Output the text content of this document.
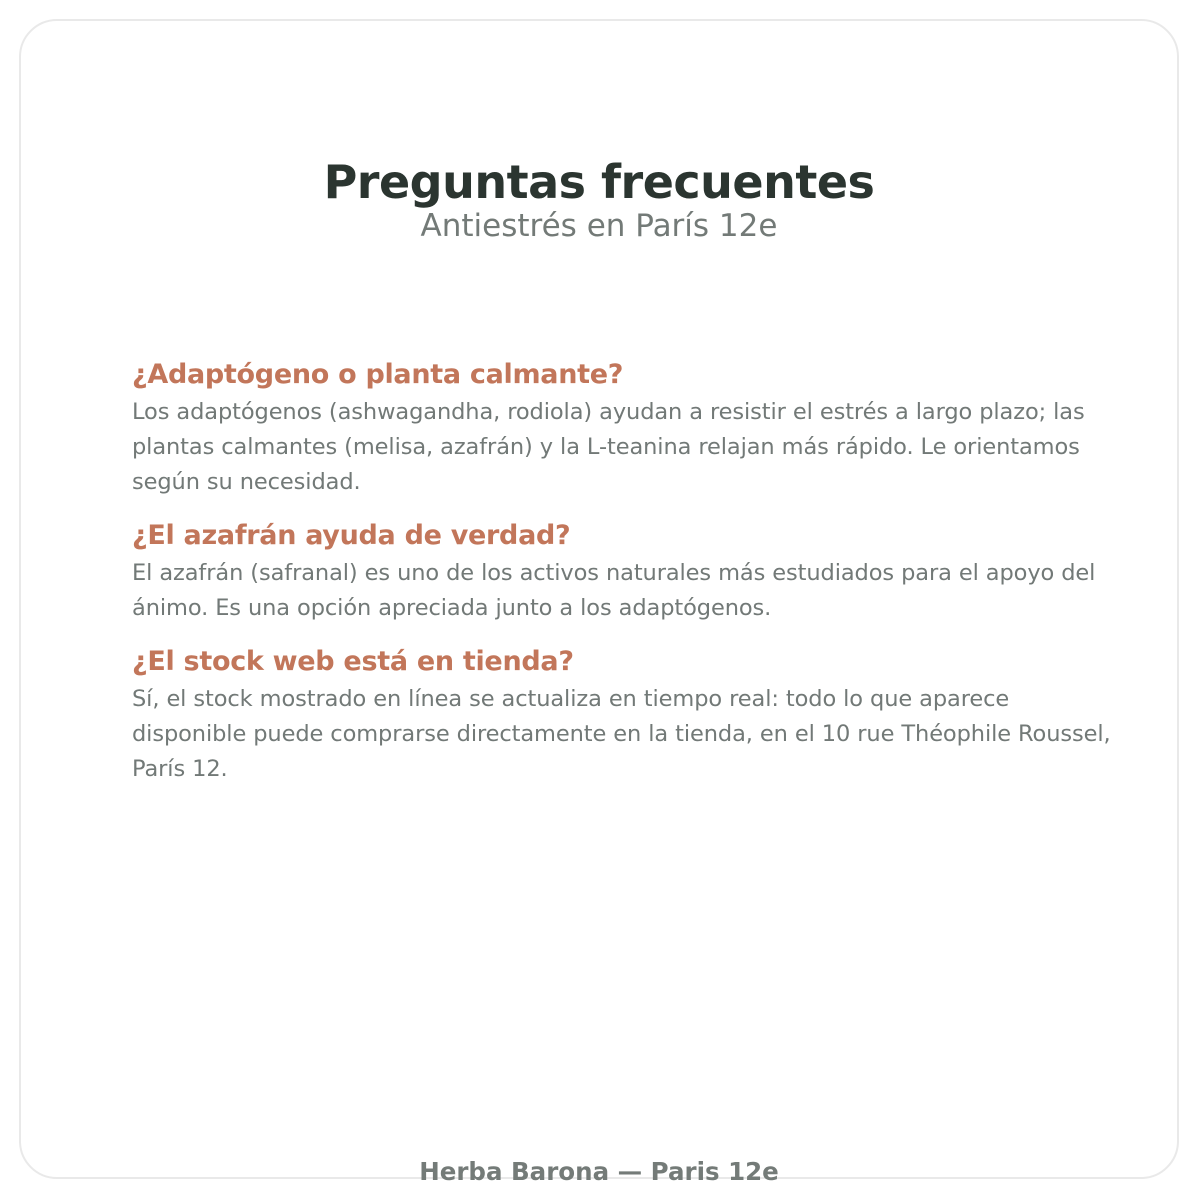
Preguntas frecuentes
Antiestrés en París 12e
¿Adaptógeno o planta calmante?
Los adaptógenos (ashwagandha, rodiola) ayudan a resistir el estrés a largo plazo; las plantas calmantes (melisa, azafrán) y la L-teanina relajan más rápido. Le orientamos según su necesidad.
¿El azafrán ayuda de verdad?
El azafrán (safranal) es uno de los activos naturales más estudiados para el apoyo del ánimo. Es una opción apreciada junto a los adaptógenos.
¿El stock web está en tienda?
Sí, el stock mostrado en línea se actualiza en tiempo real: todo lo que aparece disponible puede comprarse directamente en la tienda, en el 10 rue Théophile Roussel, París 12.
Herba Barona — Paris 12e
